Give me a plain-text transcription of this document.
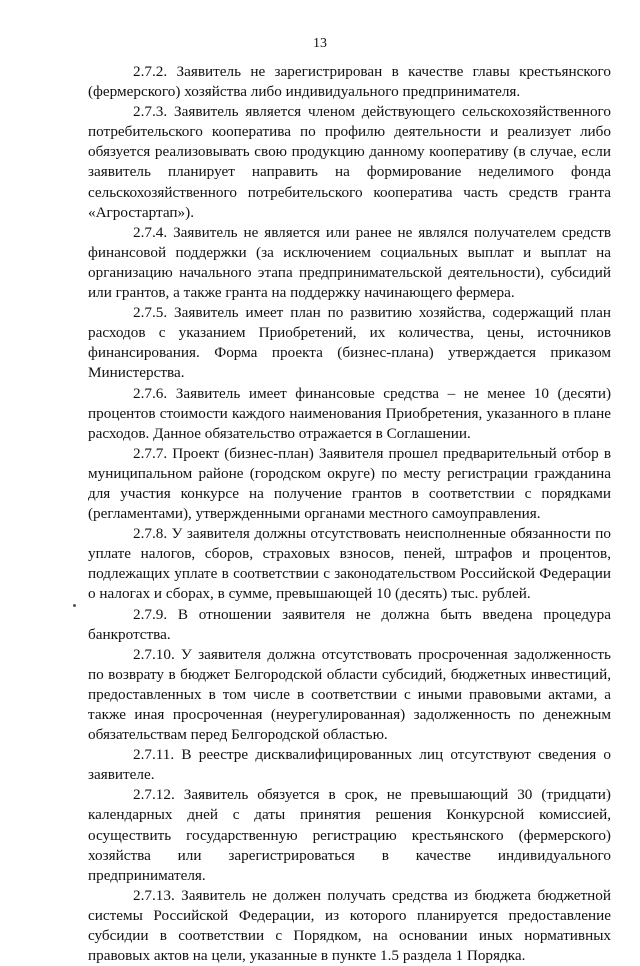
13

2.7.2. Заявитель не зарегистрирован в качестве главы крестьянского (фермерского) хозяйства либо индивидуального предпринимателя.

2.7.3. Заявитель является членом действующего сельскохозяйственного потребительского кооператива по профилю деятельности и реализует либо обязуется реализовывать свою продукцию данному кооперативу (в случае, если заявитель планирует направить на формирование неделимого фонда сельскохозяйственного потребительского кооператива часть средств гранта «Агростартап»).

2.7.4. Заявитель не является или ранее не являлся получателем средств финансовой поддержки (за исключением социальных выплат и выплат на организацию начального этапа предпринимательской деятельности), субсидий или грантов, а также гранта на поддержку начинающего фермера.

2.7.5. Заявитель имеет план по развитию хозяйства, содержащий план расходов с указанием Приобретений, их количества, цены, источников финансирования. Форма проекта (бизнес-плана) утверждается приказом Министерства.

2.7.6. Заявитель имеет финансовые средства – не менее 10 (десяти) процентов стоимости каждого наименования Приобретения, указанного в плане расходов. Данное обязательство отражается в Соглашении.

2.7.7. Проект (бизнес-план) Заявителя прошел предварительный отбор в муниципальном районе (городском округе) по месту регистрации гражданина для участия конкурсе на получение грантов в соответствии с порядками (регламентами), утвержденными органами местного самоуправления.

2.7.8. У заявителя должны отсутствовать неисполненные обязанности по уплате налогов, сборов, страховых взносов, пеней, штрафов и процентов, подлежащих уплате в соответствии с законодательством Российской Федерации о налогах и сборах, в сумме, превышающей 10 (десять) тыс. рублей.

2.7.9. В отношении заявителя не должна быть введена процедура банкротства.

2.7.10. У заявителя должна отсутствовать просроченная задолженность по возврату в бюджет Белгородской области субсидий, бюджетных инвестиций, предоставленных в том числе в соответствии с иными правовыми актами, а также иная просроченная (неурегулированная) задолженность по денежным обязательствам перед Белгородской областью.

2.7.11. В реестре дисквалифицированных лиц отсутствуют сведения о заявителе.

2.7.12. Заявитель обязуется в срок, не превышающий 30 (тридцати) календарных дней с даты принятия решения Конкурсной комиссией, осуществить государственную регистрацию крестьянского (фермерского) хозяйства или зарегистрироваться в качестве индивидуального предпринимателя.

2.7.13. Заявитель не должен получать средства из бюджета бюджетной системы Российской Федерации, из которого планируется предоставление субсидии в соответствии с Порядком, на основании иных нормативных правовых актов на цели, указанные в пункте 1.5 раздела 1 Порядка.
